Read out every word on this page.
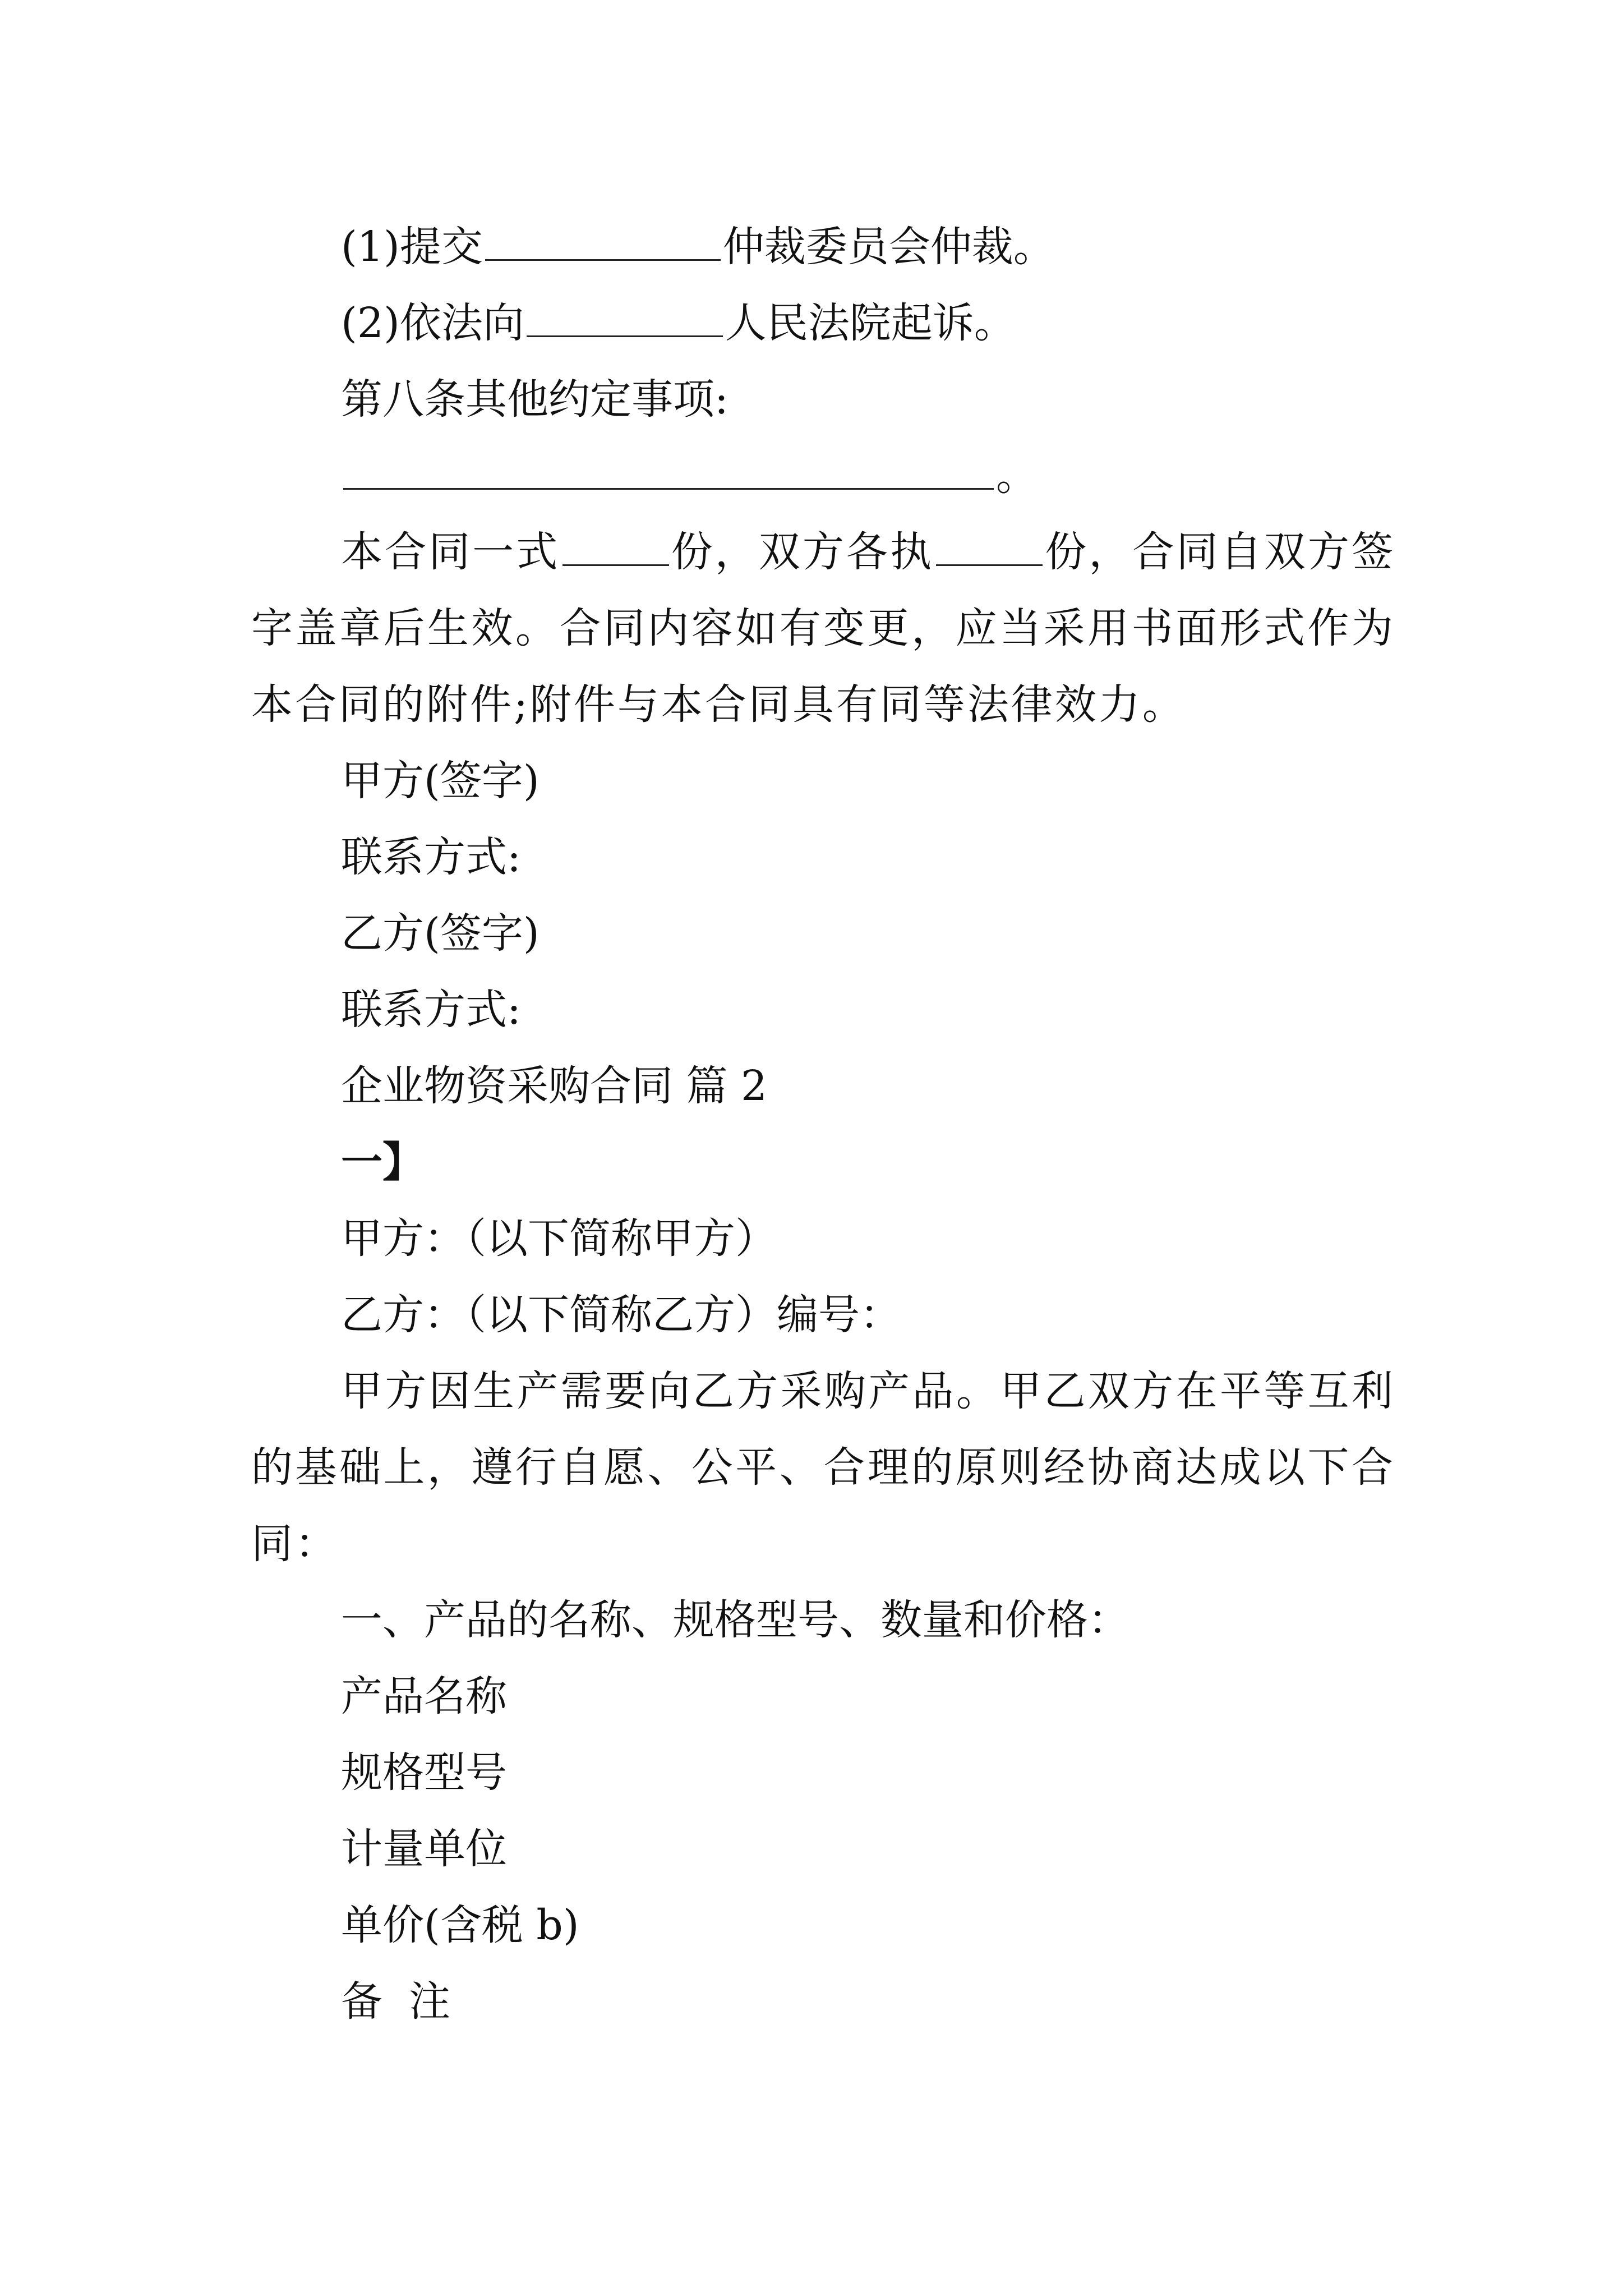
(1)提交	仲裁委员会仲裁。

(2)依法向	人民法院起诉。

第八条其他约定事项:

。

本合同一式	份，双方各执	份，合同自双方签字盖章后生效。合同内容如有变更，应当采用书面形式作为本合同的附件;附件与本合同具有同等法律效力。

甲方(签字)

联系方式:

乙方(签字)

联系方式:

企业物资采购合同 篇 2

一】

甲方：（以下简称甲方）

乙方：（以下简称乙方）编号：

甲方因生产需要向乙方采购产品。甲乙双方在平等互利的基础上，遵行自愿、公平、合理的原则经协商达成以下合同：

一、产品的名称、规格型号、数量和价格：

产品名称

规格型号

计量单位

单价(含税 b)

备  注
